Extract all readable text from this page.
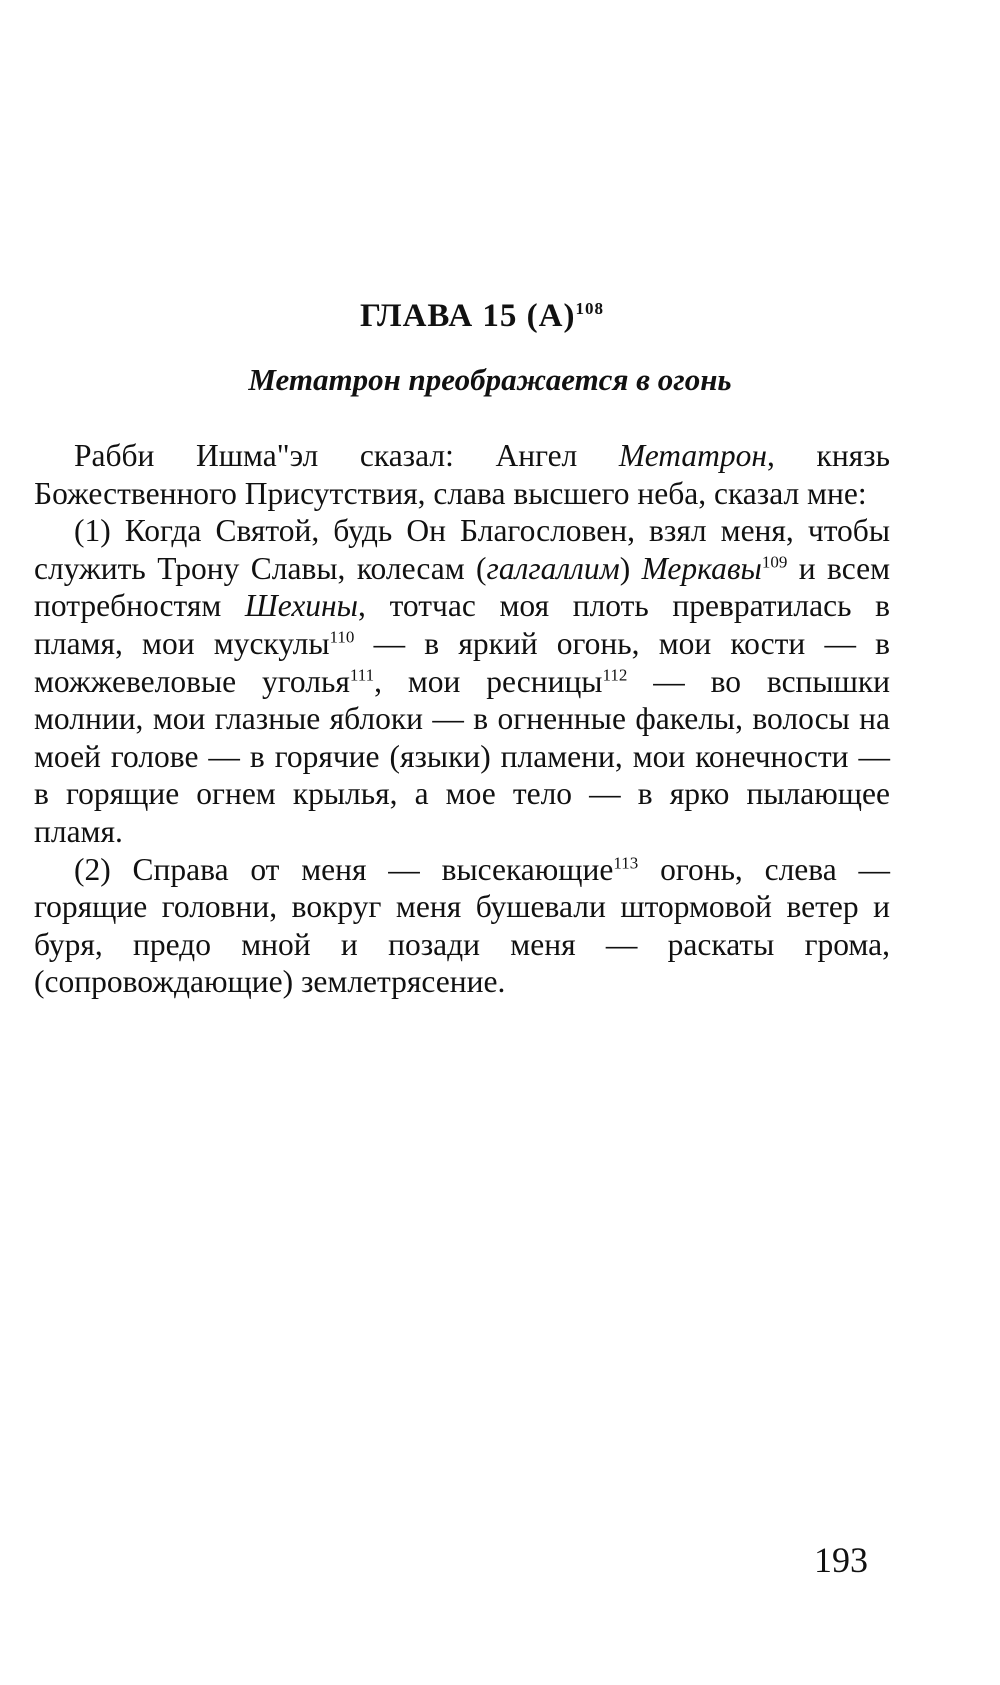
ГЛАВА 15 $(А)^{108}$
Метатрон преображается в огонь

Рабби Ишма"эл сказал: Ангел Метатрон, князь Божественного Присутствия, слава высшего неба, сказал мне:

(1) Когда Святой, будь Он Благословен, взял меня, чтобы служить Трону Славы, колесам (галгаллим) Меркавы$^{109}$ и всем потребностям Шехины, тотчас моя плоть превратилась в пламя, мои мускулы$^{110}$ — в яркий огонь, мои кости — в можжевеловые уголья$^{111}$, мои ресницы$^{112}$ — во вспышки молнии, мои глазные яблоки — в огненные факелы, волосы на моей голове — в горячие (языки) пламени, мои конечности — в горящие огнем крылья, а мое тело — в ярко пылающее пламя.

(2) Справа от меня — высекающие$^{113}$ огонь, слева — горящие головни, вокруг меня бушевали штормовой ветер и буря, предо мной и позади меня — раскаты грома, (сопровождающие) землетрясение.

193
